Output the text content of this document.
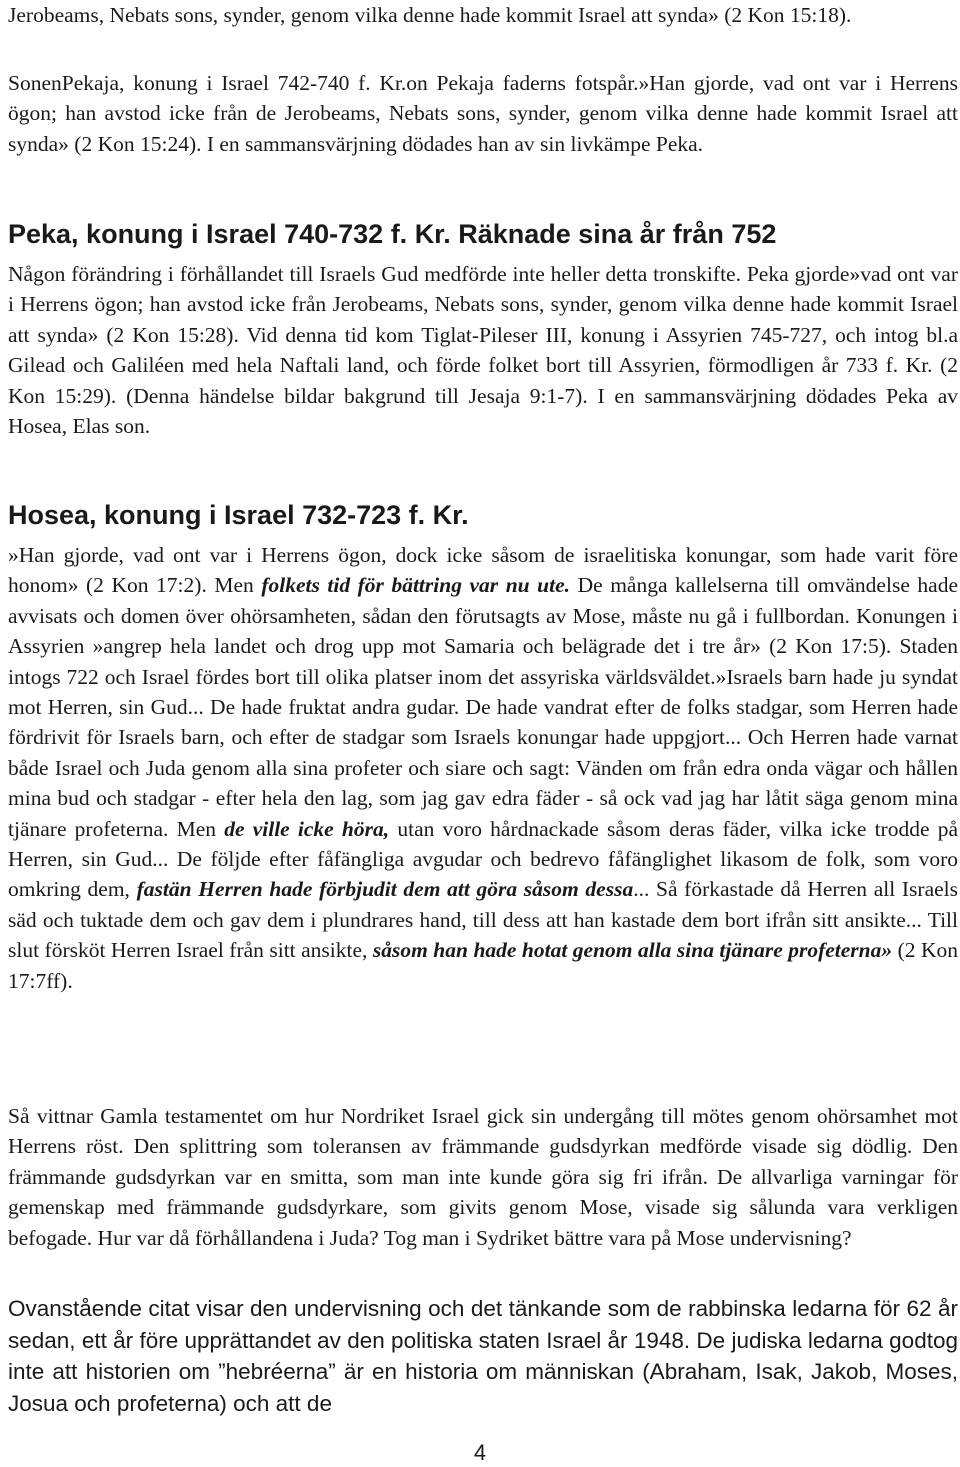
Jerobeams, Nebats sons, synder, genom vilka denne hade kommit Israel att synda» (2 Kon 15:18).

SonenPekaja, konung i Israel 742-740 f. Kr.on Pekaja faderns fotspår.»Han gjorde, vad ont var i Herrens ögon; han avstod icke från de Jerobeams, Nebats sons, synder, genom vilka denne hade kommit Israel att synda» (2 Kon 15:24). I en sammansvärjning dödades han av sin livkämpe Peka.

Peka, konung i Israel 740-732 f. Kr. Räknade sina år från 752

Någon förändring i förhållandet till Israels Gud medförde inte heller detta tronskifte. Peka gjorde»vad ont var i Herrens ögon; han avstod icke från Jerobeams, Nebats sons, synder, genom vilka denne hade kommit Israel att synda» (2 Kon 15:28). Vid denna tid kom Tiglat-Pileser III, konung i Assyrien 745-727, och intog bl.a Gilead och Galiléen med hela Naftali land, och förde folket bort till Assyrien, förmodligen år 733 f. Kr. (2 Kon 15:29). (Denna händelse bildar bakgrund till Jesaja 9:1-7). I en sammansvärjning dödades Peka av Hosea, Elas son.

Hosea, konung i Israel 732-723 f. Kr.

»Han gjorde, vad ont var i Herrens ögon, dock icke såsom de israelitiska konungar, som hade varit före honom» (2 Kon 17:2). Men folkets tid för bättring var nu ute. De många kallelserna till omvändelse hade avvisats och domen över ohörsamheten, sådan den förutsagts av Mose, måste nu gå i fullbordan. Konungen i Assyrien »angrep hela landet och drog upp mot Samaria och belägrade det i tre år» (2 Kon 17:5). Staden intogs 722 och Israel fördes bort till olika platser inom det assyriska världsväldet.»Israels barn hade ju syndat mot Herren, sin Gud... De hade fruktat andra gudar. De hade vandrat efter de folks stadgar, som Herren hade fördrivit för Israels barn, och efter de stadgar som Israels konungar hade uppgjort... Och Herren hade varnat både Israel och Juda genom alla sina profeter och siare och sagt: Vänden om från edra onda vägar och hållen mina bud och stadgar - efter hela den lag, som jag gav edra fäder - så ock vad jag har låtit säga genom mina tjänare profeterna. Men de ville icke höra, utan voro hårdnackade såsom deras fäder, vilka icke trodde på Herren, sin Gud... De följde efter fåfängliga avgudar och bedrevo fåfänglighet likasom de folk, som voro omkring dem, fastän Herren hade förbjudit dem att göra såsom dessa... Så förkastade då Herren all Israels säd och tuktade dem och gav dem i plundrares hand, till dess att han kastade dem bort ifrån sitt ansikte... Till slut försköt Herren Israel från sitt ansikte, såsom han hade hotat genom alla sina tjänare profeterna» (2 Kon 17:7ff).

Så vittnar Gamla testamentet om hur Nordriket Israel gick sin undergång till mötes genom ohörsamhet mot Herrens röst. Den splittring som toleransen av främmande gudsdyrkan medförde visade sig dödlig. Den främmande gudsdyrkan var en smitta, som man inte kunde göra sig fri ifrån. De allvarliga varningar för gemenskap med främmande gudsdyrkare, som givits genom Mose, visade sig sålunda vara verkligen befogade. Hur var då förhållandena i Juda? Tog man i Sydriket bättre vara på Mose undervisning?

Ovanstående citat visar den undervisning och det tänkande som de rabbinska ledarna för 62 år sedan, ett år före upprättandet av den politiska staten Israel år 1948. De judiska ledarna godtog inte att historien om ”hebréerna” är en historia om människan (Abraham, Isak, Jakob, Moses, Josua och profeterna) och att de

4
